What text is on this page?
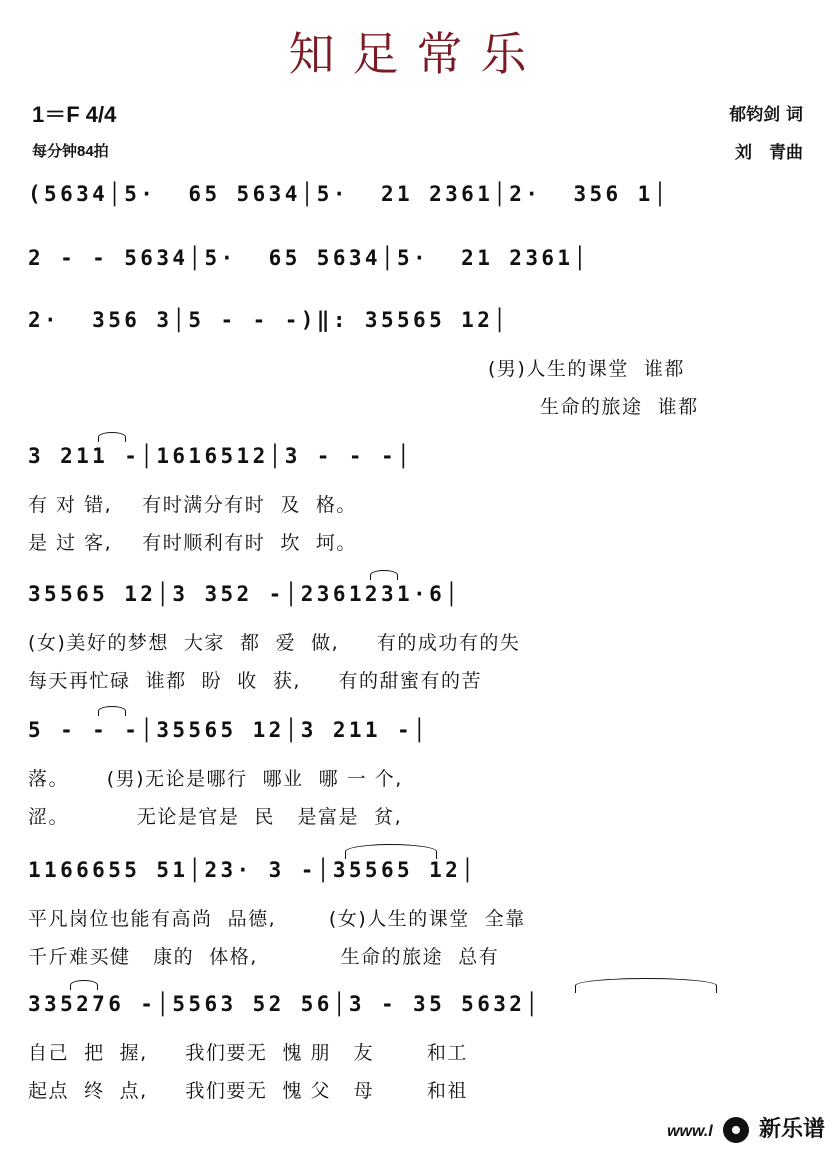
知足常乐
1＝F 4/4
每分钟84拍
郁钧剑 词
刘　青曲
(5634│5·  65 5634│5·  21 2361│2·  356 1│
2 - - 5634│5·  65 5634│5·  21 2361│
2·  356 3│5 - - -)‖: 35565 12│
(男)人生的课堂  谁都
生命的旅途  谁都
3 211 -│1616512│3 - - -│
有 对 错,    有时满分有时  及  格。
是 过 客,    有时顺利有时  坎  坷。
35565 12│3 352 -│2361231·6│
(女)美好的梦想  大家  都  爱  做,     有的成功有的失
每天再忙碌  谁都  盼  收  获,     有的甜蜜有的苦
5 - - -│35565 12│3 211 -│
落。     (男)无论是哪行  哪业  哪 一 个,
涩。         无论是官是  民   是富是  贫,
1166655 51│23· 3 -│35565 12│
平凡岗位也能有高尚  品德,       (女)人生的课堂  全靠
千斤难买健   康的  体格,           生命的旅途  总有
335276 -│5563 52 56│3 - 35 5632│
自己  把  握,     我们要无  愧 朋   友       和工
起点  终  点,     我们要无  愧 父   母       和祖
www.l 新乐谱
